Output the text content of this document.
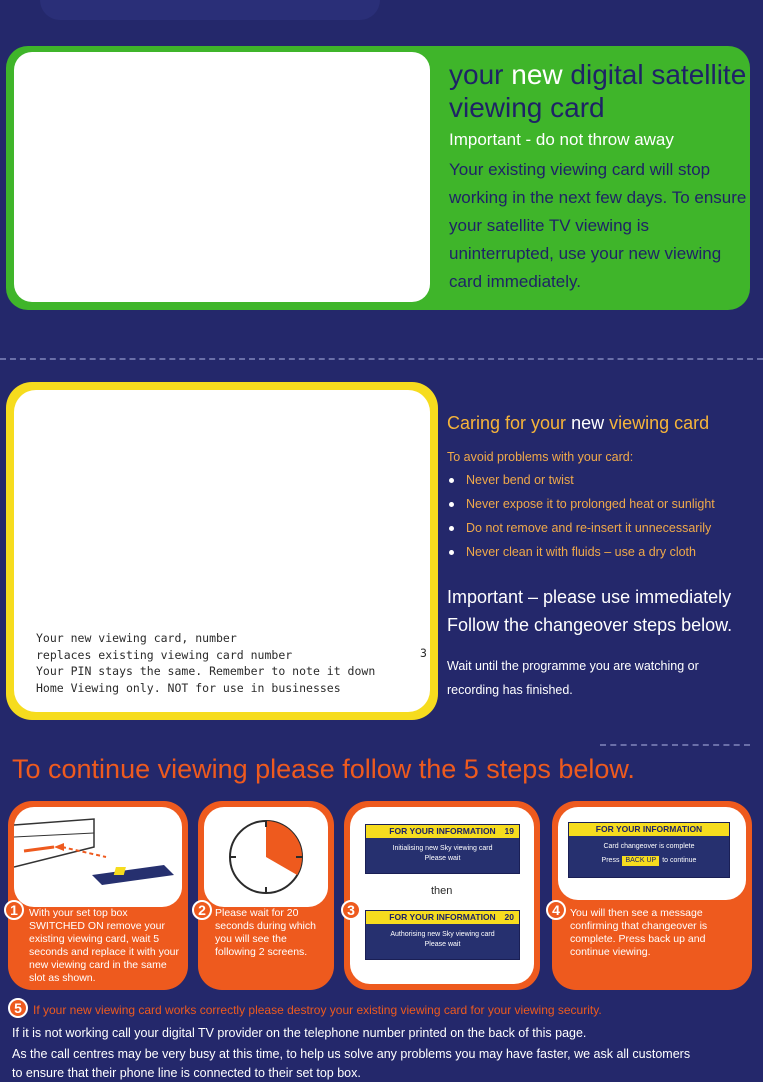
your new digital satellite viewing card
Important - do not throw away
Your existing viewing card will stop working in the next few days. To ensure your satellite TV viewing is uninterrupted, use your new viewing card immediately.
Your new viewing card, number
replaces existing viewing card number
Your PIN stays the same. Remember to note it down
Home Viewing only. NOT for use in businesses
3
Caring for your new viewing card
To avoid problems with your card:
Never bend or twist
Never expose it to prolonged heat or sunlight
Do not remove and re-insert it unnecessarily
Never clean it with fluids – use a dry cloth
Important – please use immediately
Follow the changeover steps below.
Wait until the programme you are watching or recording has finished.
To continue viewing please follow the 5 steps below.
1	With your set top box SWITCHED ON remove your existing viewing card, wait 5 seconds and replace it with your new viewing card in the same slot as shown.
2 Please wait for 20 seconds during which you will see the following 2 screens.
FOR YOUR INFORMATION 19
Initialising new Sky viewing card
Please wait
then
FOR YOUR INFORMATION 20
Authorising new Sky viewing card
Please wait
3
FOR YOUR INFORMATION
Card changeover is complete
Press BACK UP to continue
4 You will then see a message confirming that changeover is complete. Press back up and continue viewing.
5 If your new viewing card works correctly please destroy your existing viewing card for your viewing security.
If it is not working call your digital TV provider on the telephone number printed on the back of this page.
As the call centres may be very busy at this time, to help us solve any problems you may have faster, we ask all customers
to ensure that their phone line is connected to their set top box.
